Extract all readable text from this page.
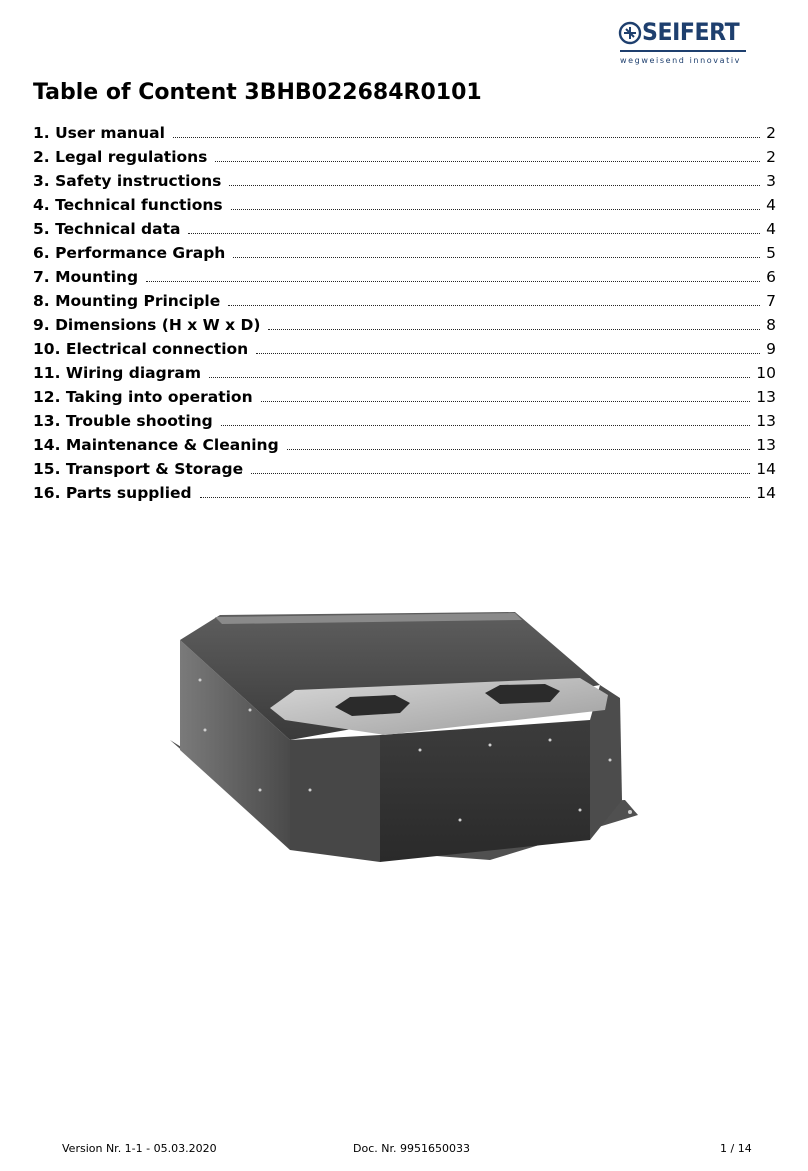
SEIFERT
wegweisend innovativ
Table of Content 3BHB022684R0101
1. User manual	2
2. Legal regulations	2
3. Safety instructions	3
4. Technical functions	4
5. Technical data	4
6. Performance Graph	5
7. Mounting	6
8. Mounting Principle	7
9. Dimensions (H x W x D)	8
10. Electrical connection	9
11. Wiring diagram	10
12. Taking into operation	13
13. Trouble shooting	13
14. Maintenance & Cleaning	13
15. Transport & Storage	14
16. Parts supplied	14
Version Nr. 1-1 - 05.03.2020	Doc. Nr. 9951650033	1 / 14
